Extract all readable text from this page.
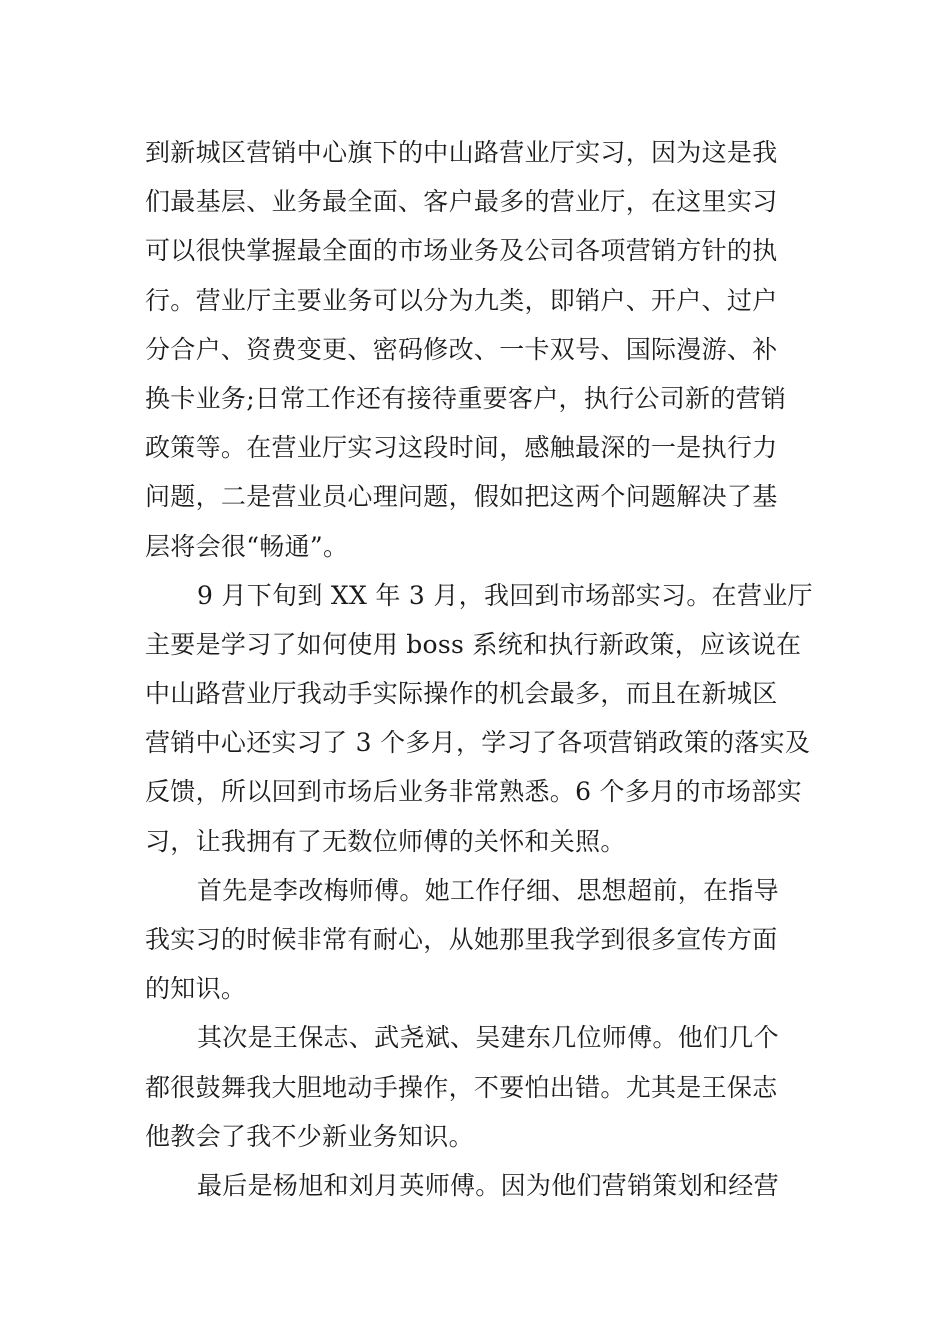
到新城区营销中心旗下的中山路营业厅实习，因为这是我
们最基层、业务最全面、客户最多的营业厅，在这里实习
可以很快掌握最全面的市场业务及公司各项营销方针的执
行。营业厅主要业务可以分为九类，即销户、开户、过户
分合户、资费变更、密码修改、一卡双号、国际漫游、补
换卡业务;日常工作还有接待重要客户，执行公司新的营销
政策等。在营业厅实习这段时间，感触最深的一是执行力
问题，二是营业员心理问题，假如把这两个问题解决了基
层将会很“畅通”。
9 月下旬到 XX 年 3 月，我回到市场部实习。在营业厅
主要是学习了如何使用 boss 系统和执行新政策，应该说在
中山路营业厅我动手实际操作的机会最多，而且在新城区
营销中心还实习了 3 个多月，学习了各项营销政策的落实及
反馈，所以回到市场后业务非常熟悉。6 个多月的市场部实
习，让我拥有了无数位师傅的关怀和关照。
首先是李改梅师傅。她工作仔细、思想超前，在指导
我实习的时候非常有耐心，从她那里我学到很多宣传方面
的知识。
其次是王保志、武尧斌、吴建东几位师傅。他们几个
都很鼓舞我大胆地动手操作，不要怕出错。尤其是王保志
他教会了我不少新业务知识。
最后是杨旭和刘月英师傅。因为他们营销策划和经营
